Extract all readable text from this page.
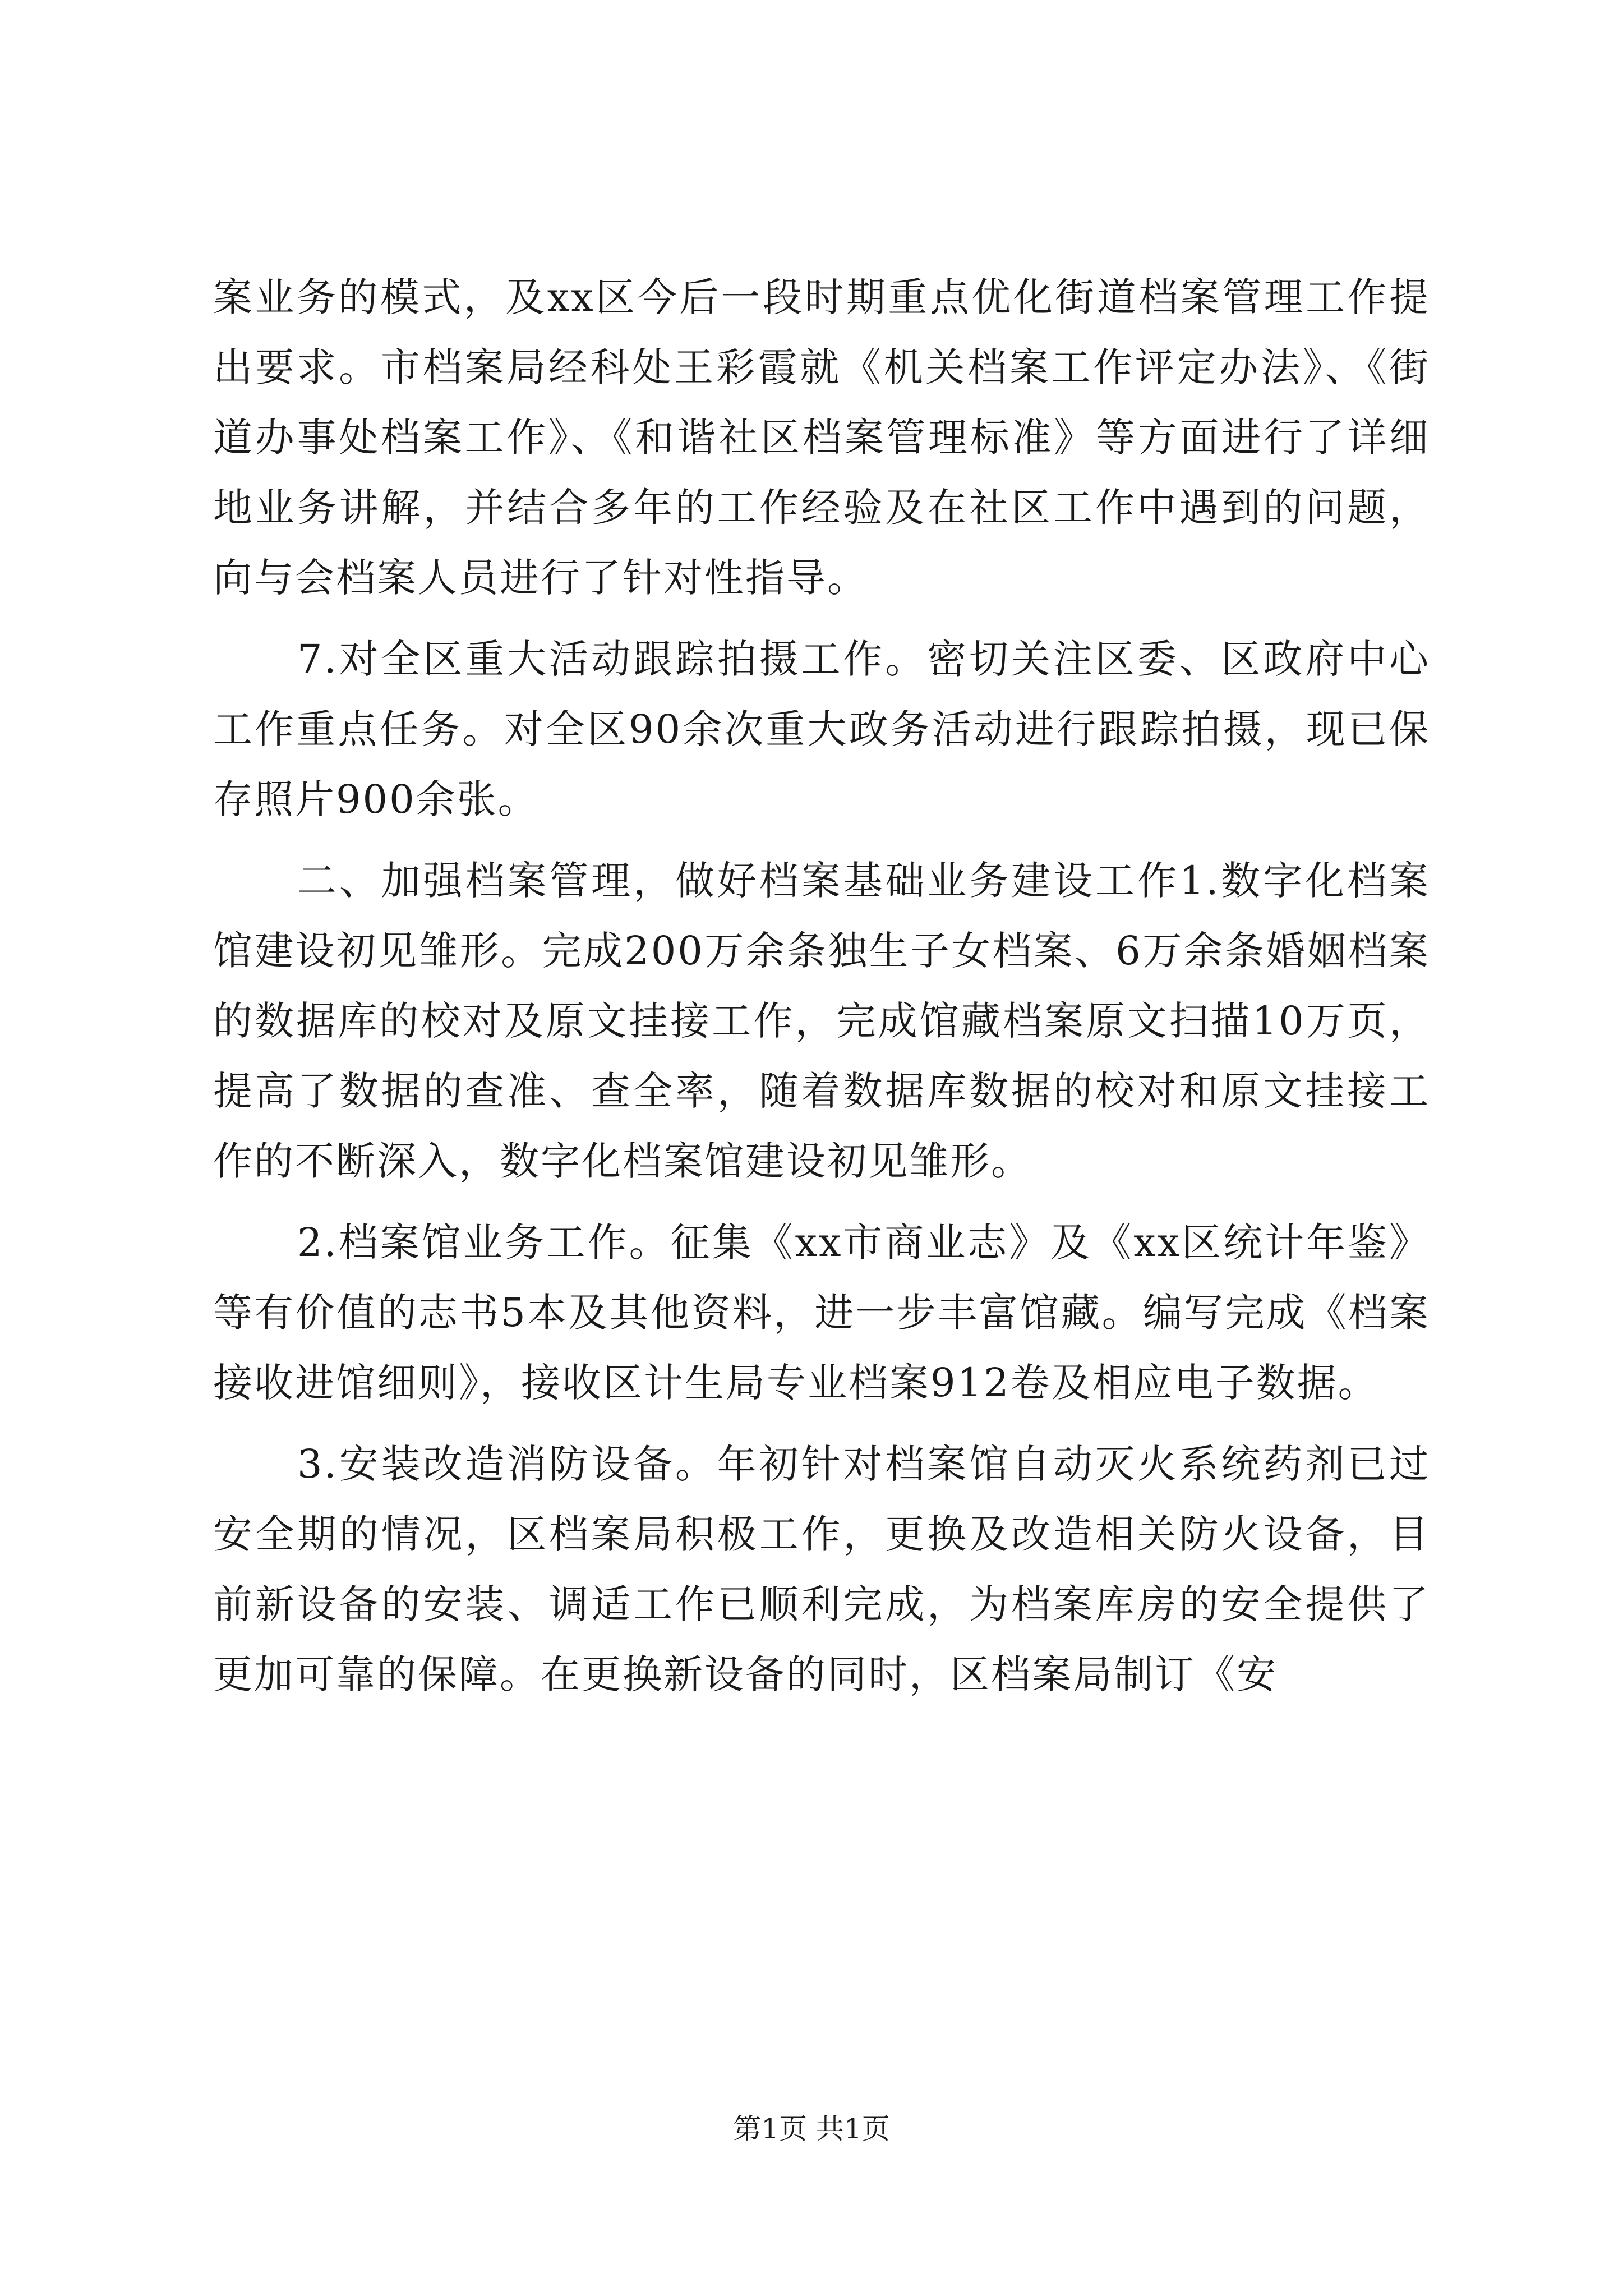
案业务的模式，及xx区今后一段时期重点优化街道档案管理工作提出要求。市档案局经科处王彩霞就《机关档案工作评定办法》、《街道办事处档案工作》、《和谐社区档案管理标准》等方面进行了详细地业务讲解，并结合多年的工作经验及在社区工作中遇到的问题，向与会档案人员进行了针对性指导。

7.对全区重大活动跟踪拍摄工作。密切关注区委、区政府中心工作重点任务。对全区90余次重大政务活动进行跟踪拍摄，现已保存照片900余张。

二、加强档案管理，做好档案基础业务建设工作1.数字化档案馆建设初见雏形。完成200万余条独生子女档案、6万余条婚姻档案的数据库的校对及原文挂接工作，完成馆藏档案原文扫描10万页，提高了数据的查准、查全率，随着数据库数据的校对和原文挂接工作的不断深入，数字化档案馆建设初见雏形。

2.档案馆业务工作。征集《xx市商业志》及《xx区统计年鉴》等有价值的志书5本及其他资料，进一步丰富馆藏。编写完成《档案接收进馆细则》，接收区计生局专业档案912卷及相应电子数据。

3.安装改造消防设备。年初针对档案馆自动灭火系统药剂已过安全期的情况，区档案局积极工作，更换及改造相关防火设备，目前新设备的安装、调适工作已顺利完成，为档案库房的安全提供了更加可靠的保障。在更换新设备的同时，区档案局制订《安

第1页 共1页
